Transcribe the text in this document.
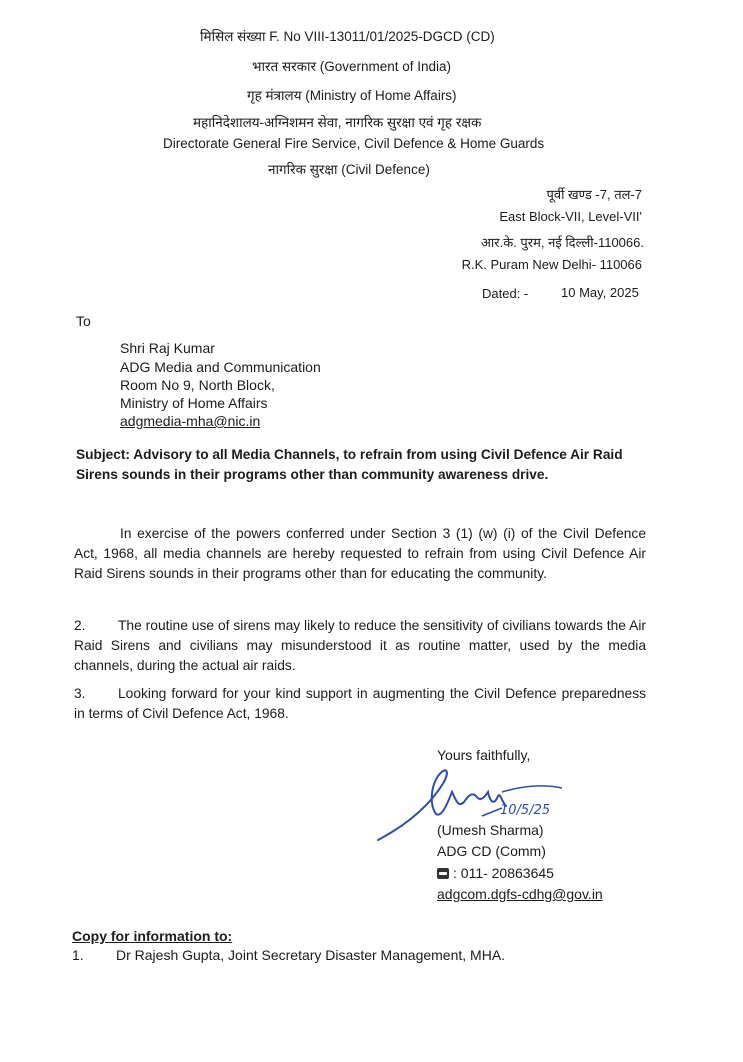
मिसिल संख्या F. No VIII-13011/01/2025-DGCD (CD)
भारत सरकार (Government of India)
गृह मंत्रालय (Ministry of Home Affairs)
महानिदेशालय-अग्निशमन सेवा, नागरिक सुरक्षा एवं गृह रक्षक
Directorate General Fire Service, Civil Defence & Home Guards
नागरिक सुरक्षा (Civil Defence)
पूर्वी खण्ड -7, तल-7
East Block-VII, Level-VII'
आर.के. पुरम, नई दिल्ली-110066.
R.K. Puram New Delhi- 110066
Dated: -	10 May, 2025
To
Shri Raj Kumar
ADG Media and Communication
Room No 9, North Block,
Ministry of Home Affairs
adgmedia-mha@nic.in
Subject: Advisory to all Media Channels, to refrain from using Civil Defence Air Raid Sirens sounds in their programs other than community awareness drive.
In exercise of the powers conferred under Section 3 (1) (w) (i) of the Civil Defence Act, 1968, all media channels are hereby requested to refrain from using Civil Defence Air Raid Sirens sounds in their programs other than for educating the community.
2. The routine use of sirens may likely to reduce the sensitivity of civilians towards the Air Raid Sirens and civilians may misunderstood it as routine matter, used by the media channels, during the actual air raids.
3. Looking forward for your kind support in augmenting the Civil Defence preparedness in terms of Civil Defence Act, 1968.
Yours faithfully,
10/5/25
(Umesh Sharma)
ADG CD (Comm)
: 011- 20863645
adgcom.dgfs-cdhg@gov.in
Copy for information to:
1. Dr Rajesh Gupta, Joint Secretary Disaster Management, MHA.
